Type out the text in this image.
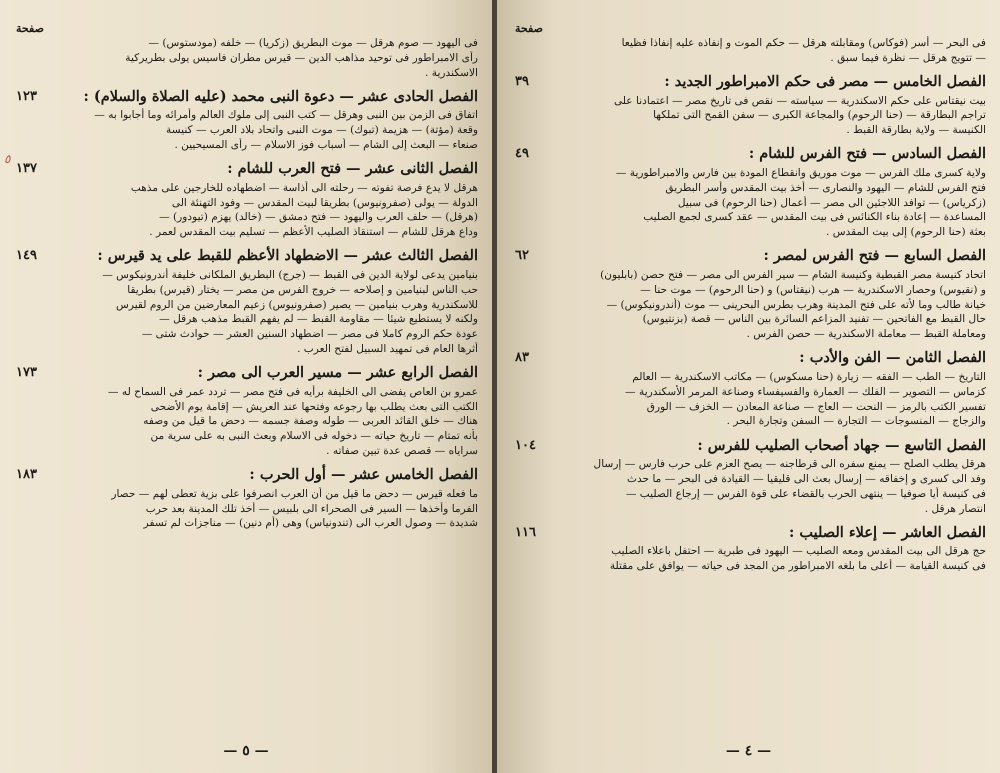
صفحة

فى اليهود — صوم هرقل — موت البطريق (زكريا) — خلفه (مودستوس) —

رأى الامبراطور فى توحيد مذاهب الدين — قيرس مطران فاسيس يولى بطريركية

الاسكندرية .

١٢٣	الفصل الحادى عشر — دعوة النبى محمد (عليه الصلاة والسلام) :

اتفاق فى الزمن بين النبى وهرقل — كتب النبى إلى ملوك العالم وأمرائه وما أجابوا به —

وقعة (مؤتة) — هزيمة (تبوك) — موت النبى واتحاد بلاد العرب — كنيسة

صنعاء — البعث إلى الشام — أسباب فوز الاسلام — رأى المسيحيين .

١٣٧	الفصل الثانى عشر — فتح العرب للشام :

هرقل لا يدع فرصة تفوته — رحلته الى أذاسة — اضطهاده للخارجين على مذهب

الدولة — يولى (صفرونيوس) بطريقا لبيت المقدس — وفود التهنئة الى

(هرقل) — حلف العرب واليهود — فتح دمشق — (خالد) يهزم (تيودور) —

وداع هرقل للشام — استنقاذ الصليب الأعظم — تسليم بيت المقدس لعمر .

١٤٩	الفصل الثالث عشر — الاضطهاد الأعظم للقبط على يد قيرس :

بنيامين يدعى لولاية الدين فى القبط — (جرج) البطريق الملكانى خليفة أندرونيكوس —

حب الناس لبنيامين و إصلاحه — خروج الفرس من مصر — يختار (قيرس) بطريقا

للاسكندرية وهرب بنيامين — يصير (صفرونيوس) زعيم المعارضين من الروم لقيرس

ولكنه لا يستطيع شيئا — مقاومة القبط — لم يفهم القبط مذهب هرقل —

عودة حكم الروم كاملا فى مصر — اضطهاد السنين العشر — حوادث شتى —

أثرها العام فى تمهيد السبيل لفتح العرب .

١٧٣	الفصل الرابع عشر — مسير العرب الى مصر :

عمرو بن العاص يفضى الى الخليفة برأيه فى فتح مصر — تردد عمر فى السماح له —

الكتب التى بعث يطلب بها رجوعه وفتحها عند العريش — إقامة يوم الأضحى

هناك — خلق القائد العربى — طوله وصفة جسمه — دحض ما قيل من وصفه

بأنه تمتام — تاريخ حياته — دخوله فى الاسلام وبعث النبى به على سرية من

سراياه — قصص عدة تبين صفاته .

١٨٣	الفصل الخامس عشر — أول الحرب :

ما فعله قيرس — دحض ما قيل من أن العرب انصرفوا على بزية تعطى لهم — حصار

الفرما وأخذها — السير فى الصحراء الى بلبيس — أخذ تلك المدينة بعد حرب

شديدة — وصول العرب الى (تندونياس) وهى (أم دنين) — مناجزات لم تسفر

٥
— ٥ —
صفحة

فى البحر — أسر (فوكاس) ومقابلته هرقل — حكم الموت و إنفاذه عليه إنفاذا فظيعا

— تتويج هرقل — نظرة فيما سبق .

٣٩	الفصل الخامس — مصر فى حكم الامبراطور الجديد :

بيت نيقتاس على حكم الاسكندرية — سياسته — نقص فى تاريخ مصر — اعتمادنا على

تراجم البطارقة — (حنا الرحوم) والمجاعة الكبرى — سفن القمح التى تملكها

الكنيسة — ولاية بطارقة القبط .

٤٩	الفصل السادس — فتح الفرس للشام :

ولاية كسرى ملك الفرس — موت موريق وانقطاع المودة بين فارس والامبراطورية —

فتح الفرس للشام — اليهود والنصارى — أخذ بيت المقدس وأسر البطريق

(زكرياس) — توافد اللاجئين الى مصر — أعمال (حنا الرحوم) فى سبيل

المساعدة — إعادة بناء الكنائس فى بيت المقدس — عقد كسرى لجمع الصليب

بعثة (حنا الرحوم) إلى بيت المقدس .

٦٢	الفصل السابع — فتح الفرس لمصر :

اتحاد كنيسة مصر القبطية وكنيسة الشام — سير الفرس الى مصر — فتح حصن (بابليون)

و (نقيوس) وحصار الاسكندرية — هرب (نيقتاس) و (حنا الرحوم) — موت حنا —

خيانة طالب وما لأته على فتح المدينة وهرب بطرس البحرينى — موت (أندرونيكوس) —

حال القبط مع الفاتحين — تفنيد المزاعم السائرة بين الناس — قصة (بزنتيوس)

ومعاملة القبط — معاملة الاسكندرية — حصن الفرس .

٨٣	الفصل الثامن — الفن والأدب :

التاريخ — الطب — الفقه — زيارة (حنا مسكوس) — مكاتب الاسكندرية — العالم

كزماس — التصوير — الفلك — العمارة والفسيفساء وصناعة المرمر الأسكندرية —

تفسير الكتب بالرمز — النحت — العاج — صناعة المعادن — الخزف — الورق

والزجاج — المنسوجات — التجارة — السفن وتجارة البحر .

١٠٤	الفصل التاسع — جهاد أصحاب الصليب للفرس :

هرقل يطلب الصلح — يمنع سفره الى قرطاجنه — يصح العزم على حرب فارس — إرسال

وفد الى كسرى و إخفاقه — إرسال بعث الى قليقيا — القيادة فى البحر — ما حدث

فى كنيسة أيا صوفيا — ينتهى الحرب بالقضاء على قوة الفرس — إرجاع الصليب —

انتصار هرقل .

١١٦	الفصل العاشر — إعلاء الصليب :

حج هرقل الى بيت المقدس ومعه الصليب — اليهود فى طبرية — احتفل باعلاء الصليب

فى كنيسة القيامة — أعلى ما بلغه الامبراطور من المجد فى حياته — يوافق على مقتلة

— ٤ —
